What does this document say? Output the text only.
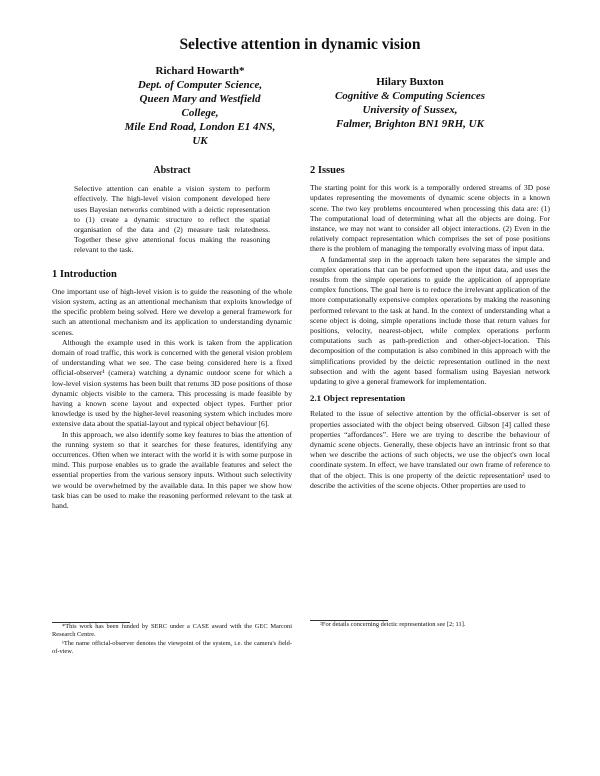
Selective attention in dynamic vision
Richard Howarth*
Dept. of Computer Science,
Queen Mary and Westfield
College,
Mile End Road, London E1 4NS,
UK
Hilary Buxton
Cognitive & Computing Sciences
University of Sussex,
Falmer, Brighton BN1 9RH, UK
Abstract

Selective attention can enable a vision system to perform effectively. The high-level vision component developed here uses Bayesian networks combined with a deictic representation to (1) create a dynamic structure to reflect the spatial organisation of the data and (2) measure task relatedness. Together these give attentional focus making the reasoning relevant to the task.

1 Introduction

One important use of high-level vision is to guide the reasoning of the whole vision system, acting as an attentional mechanism that exploits knowledge of the specific problem being solved. Here we develop a general framework for such an attentional mechanism and its application to understanding dynamic scenes.

Although the example used in this work is taken from the application domain of road traffic, this work is concerned with the general vision problem of understanding what we see. The case being considered here is a fixed official-observer¹ (camera) watching a dynamic outdoor scene for which a low-level vision systems has been built that returns 3D pose positions of those dynamic objects visible to the camera. This processing is made feasible by having a known scene layout and expected object types. Further prior knowledge is used by the higher-level reasoning system which includes more extensive data about the spatial-layout and typical object behaviour [6].

In this approach, we also identify some key features to bias the attention of the running system so that it searches for these features, identifying any occurrences. Often when we interact with the world it is with some purpose in mind. This purpose enables us to grade the available features and select the essential properties from the various sensory inputs. Without such selectivity we would be overwhelmed by the available data. In this paper we show how task bias can be used to make the reasoning performed relevant to the task at hand.

2 Issues

The starting point for this work is a temporally ordered streams of 3D pose updates representing the movements of dynamic scene objects in a known scene. The two key problems encountered when processing this data are: (1) The computational load of determining what all the objects are doing. For instance, we may not want to consider all object interactions. (2) Even in the relatively compact representation which comprises the set of pose positions there is the problem of managing the temporally evolving mass of input data.

A fundamental step in the approach taken here separates the simple and complex operations that can be performed upon the input data, and uses the results from the simple operations to guide the application of appropriate complex functions. The goal here is to reduce the irrelevant application of the more computationally expensive complex operations by making the reasoning performed relevant to the task at hand. In the context of understanding what a scene object is doing, simple operations include those that return values for positions, velocity, nearest-object, while complex operations perform computations such as path-prediction and other-object-location. This decomposition of the computation is also combined in this approach with the simplifications provided by the deictic representation outlined in the next subsection and with the agent based formalism using Bayesian network updating to give a general framework for implementation.

2.1 Object representation

Related to the issue of selective attention by the official-observer is set of properties associated with the object being observed. Gibson [4] called these properties “affordances”. Here we are trying to describe the behaviour of dynamic scene objects. Generally, these objects have an intrinsic front so that when we describe the actions of such objects, we use the object's own local coordinate system. In effect, we have translated our own frame of reference to that of the object. This is one property of the deictic representation² used to describe the activities of the scene objects. Other properties are used to

*This work has been funded by SERC under a CASE award with the GEC Marconi Research Centre.

¹The name official-observer denotes the viewpoint of the system, i.e. the camera's field-of-view.

²For details concerning deictic representation see [2; 11].
